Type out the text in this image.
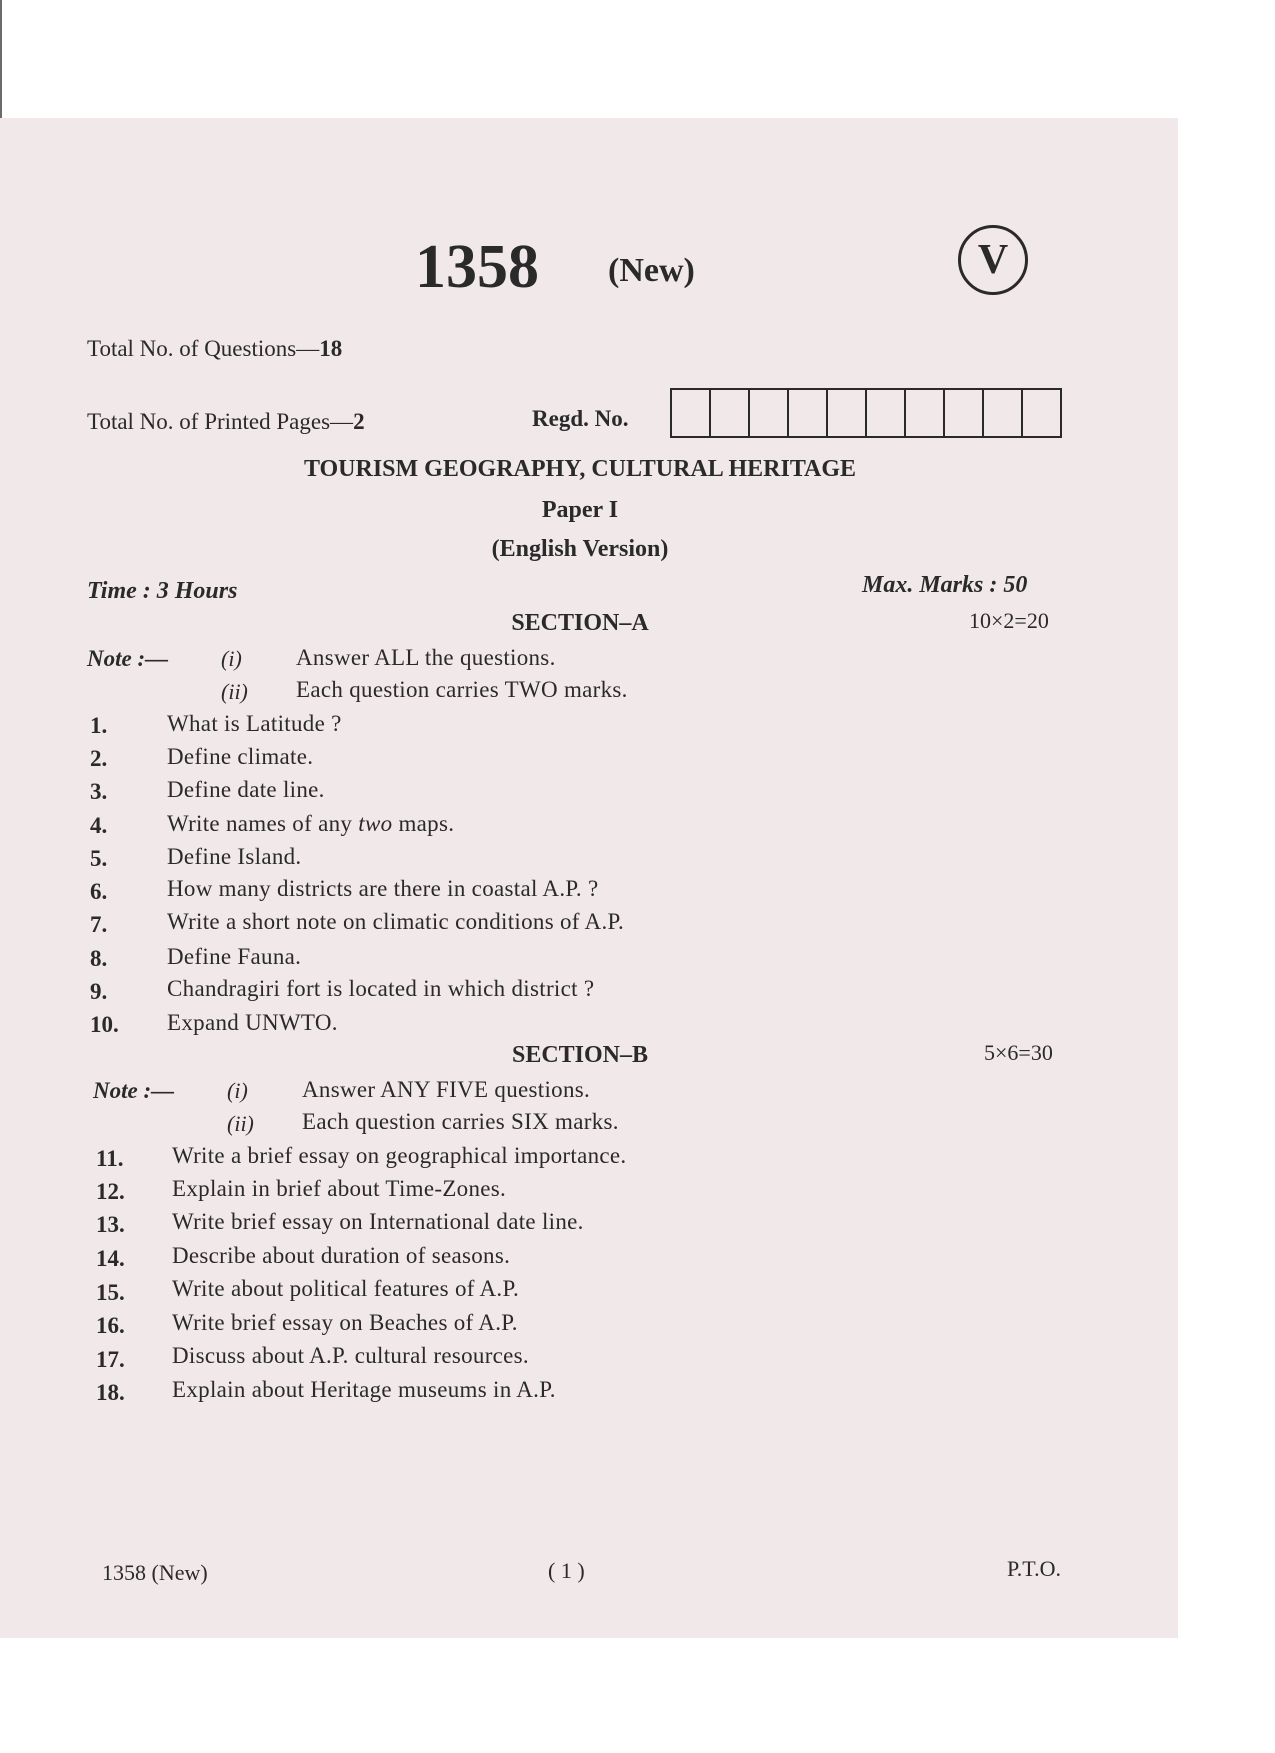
1358 (New)	V
Total No. of Questions—18
Total No. of Printed Pages—2	Regd. No.
TOURISM GEOGRAPHY, CULTURAL HERITAGE
Paper I
(English Version)
Time : 3 Hours	Max. Marks : 50
SECTION–A	10×2=20
Note :— (i) Answer ALL the questions.
(ii) Each question carries TWO marks.
1.	What is Latitude ?
2.	Define climate.
3.	Define date line.
4.	Write names of any two maps.
5.	Define Island.
6.	How many districts are there in coastal A.P. ?
7.	Write a short note on climatic conditions of A.P.
8.	Define Fauna.
9.	Chandragiri fort is located in which district ?
10. Expand UNWTO.
SECTION–B	5×6=30
Note :— (i) Answer ANY FIVE questions.
(ii) Each question carries SIX marks.
11. Write a brief essay on geographical importance.
12. Explain in brief about Time-Zones.
13. Write brief essay on International date line.
14. Describe about duration of seasons.
15. Write about political features of A.P.
16. Write brief essay on Beaches of A.P.
17. Discuss about A.P. cultural resources.
18. Explain about Heritage museums in A.P.
1358 (New)	( 1 )	P.T.O.
